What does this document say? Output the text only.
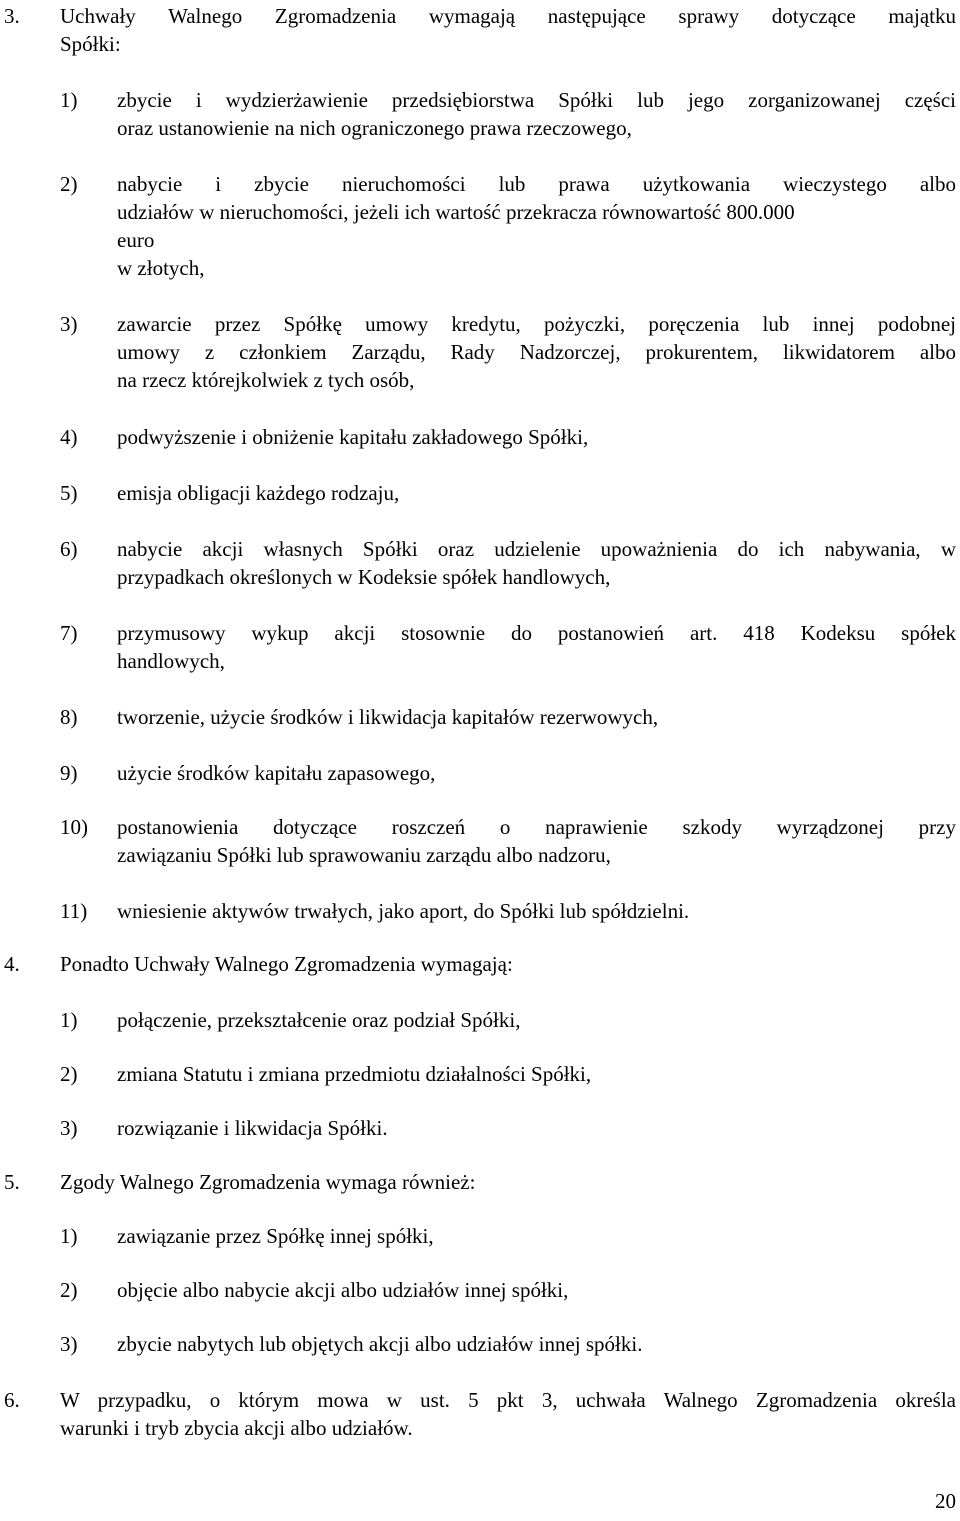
3. Uchwały Walnego Zgromadzenia wymagają następujące sprawy dotyczące majątku
Spółki:
1) zbycie i wydzierżawienie przedsiębiorstwa Spółki lub jego zorganizowanej części
oraz ustanowienie na nich ograniczonego prawa rzeczowego,
2) nabycie i zbycie nieruchomości lub prawa użytkowania wieczystego albo
udziałów w nieruchomości, jeżeli ich wartość przekracza równowartość 800.000
euro
w złotych,
3) zawarcie przez Spółkę umowy kredytu, pożyczki, poręczenia lub innej podobnej
umowy z członkiem Zarządu, Rady Nadzorczej, prokurentem, likwidatorem albo
na rzecz którejkolwiek z tych osób,
4) podwyższenie i obniżenie kapitału zakładowego Spółki,
5) emisja obligacji każdego rodzaju,
6) nabycie akcji własnych Spółki oraz udzielenie upoważnienia do ich nabywania, w
przypadkach określonych w Kodeksie spółek handlowych,
7) przymusowy wykup akcji stosownie do postanowień art. 418 Kodeksu spółek
handlowych,
8) tworzenie, użycie środków i likwidacja kapitałów rezerwowych,
9) użycie środków kapitału zapasowego,
10) postanowienia dotyczące roszczeń o naprawienie szkody wyrządzonej przy
zawiązaniu Spółki lub sprawowaniu zarządu albo nadzoru,
11) wniesienie aktywów trwałych, jako aport, do Spółki lub spółdzielni.
4. Ponadto Uchwały Walnego Zgromadzenia wymagają:
1) połączenie, przekształcenie oraz podział Spółki,
2) zmiana Statutu i zmiana przedmiotu działalności Spółki,
3) rozwiązanie i likwidacja Spółki.
5. Zgody Walnego Zgromadzenia wymaga również:
1) zawiązanie przez Spółkę innej spółki,
2) objęcie albo nabycie akcji albo udziałów innej spółki,
3) zbycie nabytych lub objętych akcji albo udziałów innej spółki.
6. W przypadku, o którym mowa w ust. 5 pkt 3, uchwała Walnego Zgromadzenia określa
warunki i tryb zbycia akcji albo udziałów.
20
